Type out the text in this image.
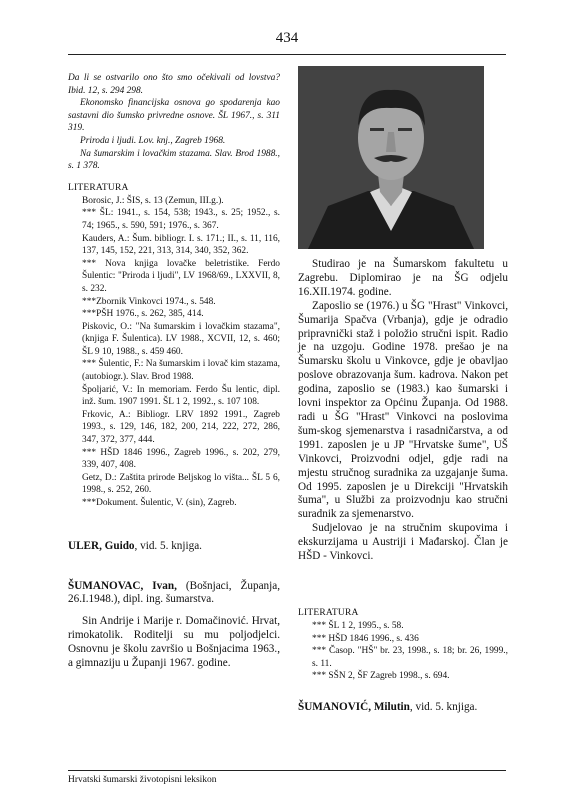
434

Da li se ostvarilo ono što smo očekivali od lovstva? Ibid. 12, s. 294 298.

Ekonomsko financijska osnova go spodarenja kao sastavni dio šumsko privredne osnove. ŠL 1967., s. 311 319.

Priroda i ljudi. Lov. knj., Zagreb 1968.

Na šumarskim i lovačkim stazama. Slav. Brod 1988., s. 1 378.

LITERATURA

Borosic, J.: ŠIS, s. 13 (Zemun, III.g.).

*** ŠL: 1941., s. 154, 538; 1943., s. 25; 1952., s. 74; 1965., s. 590, 591; 1976., s. 367.

Kauders, A.: Šum. bibliogr. I. s. 171.; II., s. 11, 116, 137, 145, 152, 221, 313, 314, 340, 352, 362.

*** Nova knjiga lovačke beletristike. Ferdo Šulentic: "Priroda i ljudi", LV 1968/69., LXXVII, 8, s. 232.

***Zbornik Vinkovci 1974., s. 548.

***PŠH 1976., s. 262, 385, 414.

Piskovic, O.: "Na šumarskim i lovačkim stazama", (knjiga F. Šulentica). LV 1988., XCVII, 12, s. 460; ŠL 9 10, 1988., s. 459 460.

*** Šulentic, F.: Na šumarskim i lovač kim stazama, (autobiogr.). Slav. Brod 1988.

Špoljarić, V.: In memoriam. Ferdo Šu lentic, dipl. inž. šum. 1907 1991. ŠL 1 2, 1992., s. 107 108.

Frkovic, A.: Bibliogr. LRV 1892 1991., Zagreb 1993., s. 129, 146, 182, 200, 214, 222, 272, 286, 347, 372, 377, 444.

*** HŠD 1846 1996., Zagreb 1996., s. 202, 279, 339, 407, 408.

Getz, D.: Zaštita prirode Beljskog lo višta... ŠL 5 6, 1998., s. 252, 260.

***Dokument. Šulentic, V. (sin), Zagreb.

ULER, Guido, vid. 5. knjiga.

ŠUMANOVAC, Ivan, (Bošnjaci, Županja, 26.I.1948.), dipl. ing. šumarstva.

Sin Andrije i Marije r. Domačinović. Hrvat, rimokatolik. Roditelji su mu poljodjelci. Osnovnu je školu završio u Bošnjacima 1963., a gimnaziju u Županji 1967. godine.

Studirao je na Šumarskom fakultetu u Zagrebu. Diplomirao je na ŠG odjelu 16.XII.1974. godine.

Zaposlio se (1976.) u ŠG "Hrast" Vinkovci, Šumarija Spačva (Vrbanja), gdje je odradio pripravnički staž i položio stručni ispit. Radio je na uzgoju. Godine 1978. prešao je na Šumarsku školu u Vinkovce, gdje je obavljao poslove obrazovanja šum. kadrova. Nakon pet godina, zaposlio se (1983.) kao šumarski i lovni inspektor za Općinu Županja. Od 1988. radi u ŠG "Hrast" Vinkovci na poslovima šum-skog sjemenarstva i rasadničarstva, a od 1991. zaposlen je u JP "Hrvatske šume", UŠ Vinkovci, Proizvodni odjel, gdje radi na mjestu stručnog suradnika za uzgajanje šuma. Od 1995. zaposlen je u Direkciji "Hrvatskih šuma", u Službi za proizvodnju kao stručni suradnik za sjemenarstvo.

Sudjelovao je na stručnim skupovima i ekskurzijama u Austriji i Mađarskoj. Član je HŠD - Vinkovci.

LITERATURA

*** ŠL 1 2, 1995., s. 58.

*** HŠD 1846 1996., s. 436

*** Časop. "HŠ" br. 23, 1998., s. 18; br. 26, 1999., s. 11.

*** SŠN 2, ŠF Zagreb 1998., s. 694.

ŠUMANOVIĆ, Milutin, vid. 5. knjiga.

Hrvatski šumarski životopisni leksikon
